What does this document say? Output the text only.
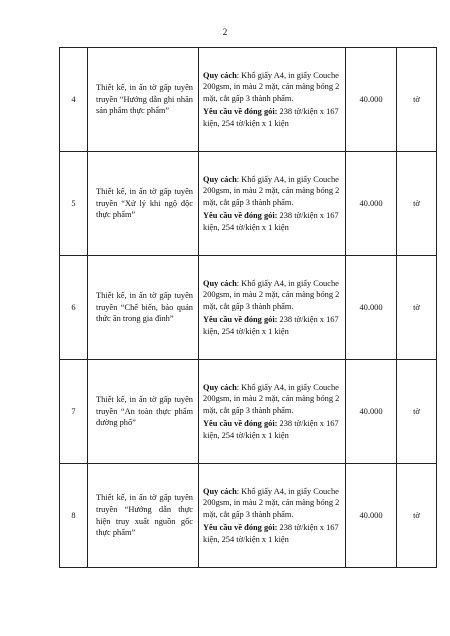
2
4	Thiết kế, in ấn tờ gấp tuyên truyền “Hướng dẫn ghi nhãn sản phẩm thực phẩm”	Quy cách: Khổ giấy A4, in giấy Couche 200gsm, in màu 2 mặt, cán màng bóng 2 mặt, cắt gấp 3 thành phẩm.
Yêu cầu về đóng gói: 238 tờ/kiện x 167 kiện, 254 tờ/kiện x 1 kiện	40.000	tờ
5	Thiết kế, in ấn tờ gấp tuyên truyền “Xử lý khi ngộ độc thực phẩm”	Quy cách: Khổ giấy A4, in giấy Couche 200gsm, in màu 2 mặt, cán màng bóng 2 mặt, cắt gấp 3 thành phẩm.
Yêu cầu về đóng gói: 238 tờ/kiện x 167 kiện, 254 tờ/kiện x 1 kiện	40.000	tờ
6	Thiết kế, in ấn tờ gấp tuyên truyền “Chế biến, bảo quản thức ăn trong gia đình”	Quy cách: Khổ giấy A4, in giấy Couche 200gsm, in màu 2 mặt, cán màng bóng 2 mặt, cắt gấp 3 thành phẩm.
Yêu cầu về đóng gói: 238 tờ/kiện x 167 kiện, 254 tờ/kiện x 1 kiện	40.000	tờ
7	Thiết kế, in ấn tờ gấp tuyên truyền “An toàn thực phẩm đường phố”	Quy cách: Khổ giấy A4, in giấy Couche 200gsm, in màu 2 mặt, cán màng bóng 2 mặt, cắt gấp 3 thành phẩm.
Yêu cầu về đóng gói: 238 tờ/kiện x 167 kiện, 254 tờ/kiện x 1 kiện	40.000	tờ
8	Thiết kế, in ấn tờ gấp tuyên truyền “Hướng dẫn thực hiện truy xuất nguồn gốc thực phẩm”	Quy cách: Khổ giấy A4, in giấy Couche 200gsm, in màu 2 mặt, cán màng bóng 2 mặt, cắt gấp 3 thành phẩm.
Yêu cầu về đóng gói: 238 tờ/kiện x 167 kiện, 254 tờ/kiện x 1 kiện	40.000	tờ
